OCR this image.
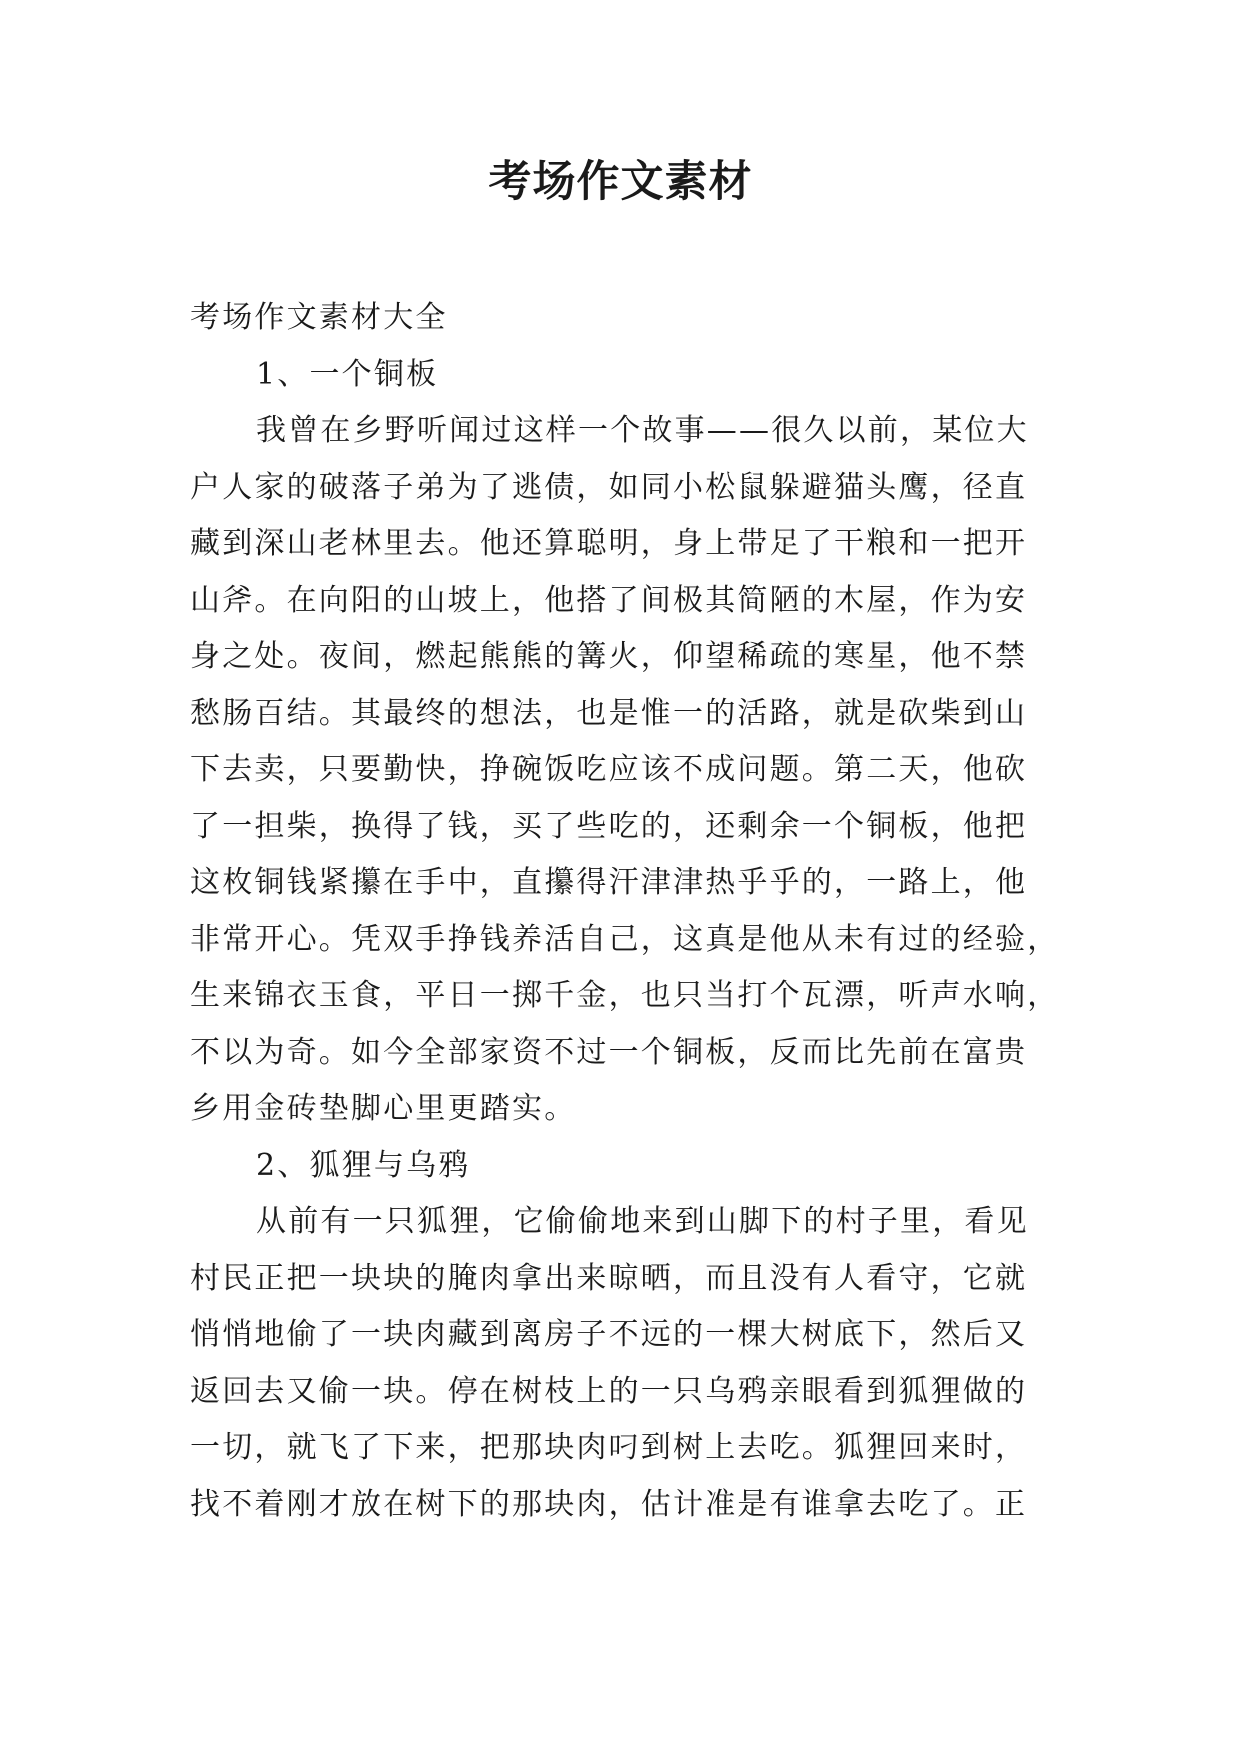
考场作文素材
考场作文素材大全
1、一个铜板
我曾在乡野听闻过这样一个故事——很久以前，某位大
户人家的破落子弟为了逃债，如同小松鼠躲避猫头鹰，径直
藏到深山老林里去。他还算聪明，身上带足了干粮和一把开
山斧。在向阳的山坡上，他搭了间极其简陋的木屋，作为安
身之处。夜间，燃起熊熊的篝火，仰望稀疏的寒星，他不禁
愁肠百结。其最终的想法，也是惟一的活路，就是砍柴到山
下去卖，只要勤快，挣碗饭吃应该不成问题。第二天，他砍
了一担柴，换得了钱，买了些吃的，还剩余一个铜板，他把
这枚铜钱紧攥在手中，直攥得汗津津热乎乎的，一路上，他
非常开心。凭双手挣钱养活自己，这真是他从未有过的经验，
生来锦衣玉食，平日一掷千金，也只当打个瓦漂，听声水响，
不以为奇。如今全部家资不过一个铜板，反而比先前在富贵
乡用金砖垫脚心里更踏实。
2、狐狸与乌鸦
从前有一只狐狸，它偷偷地来到山脚下的村子里，看见
村民正把一块块的腌肉拿出来晾晒，而且没有人看守，它就
悄悄地偷了一块肉藏到离房子不远的一棵大树底下，然后又
返回去又偷一块。停在树枝上的一只乌鸦亲眼看到狐狸做的
一切，就飞了下来，把那块肉叼到树上去吃。狐狸回来时，
找不着刚才放在树下的那块肉，估计准是有谁拿去吃了。正
